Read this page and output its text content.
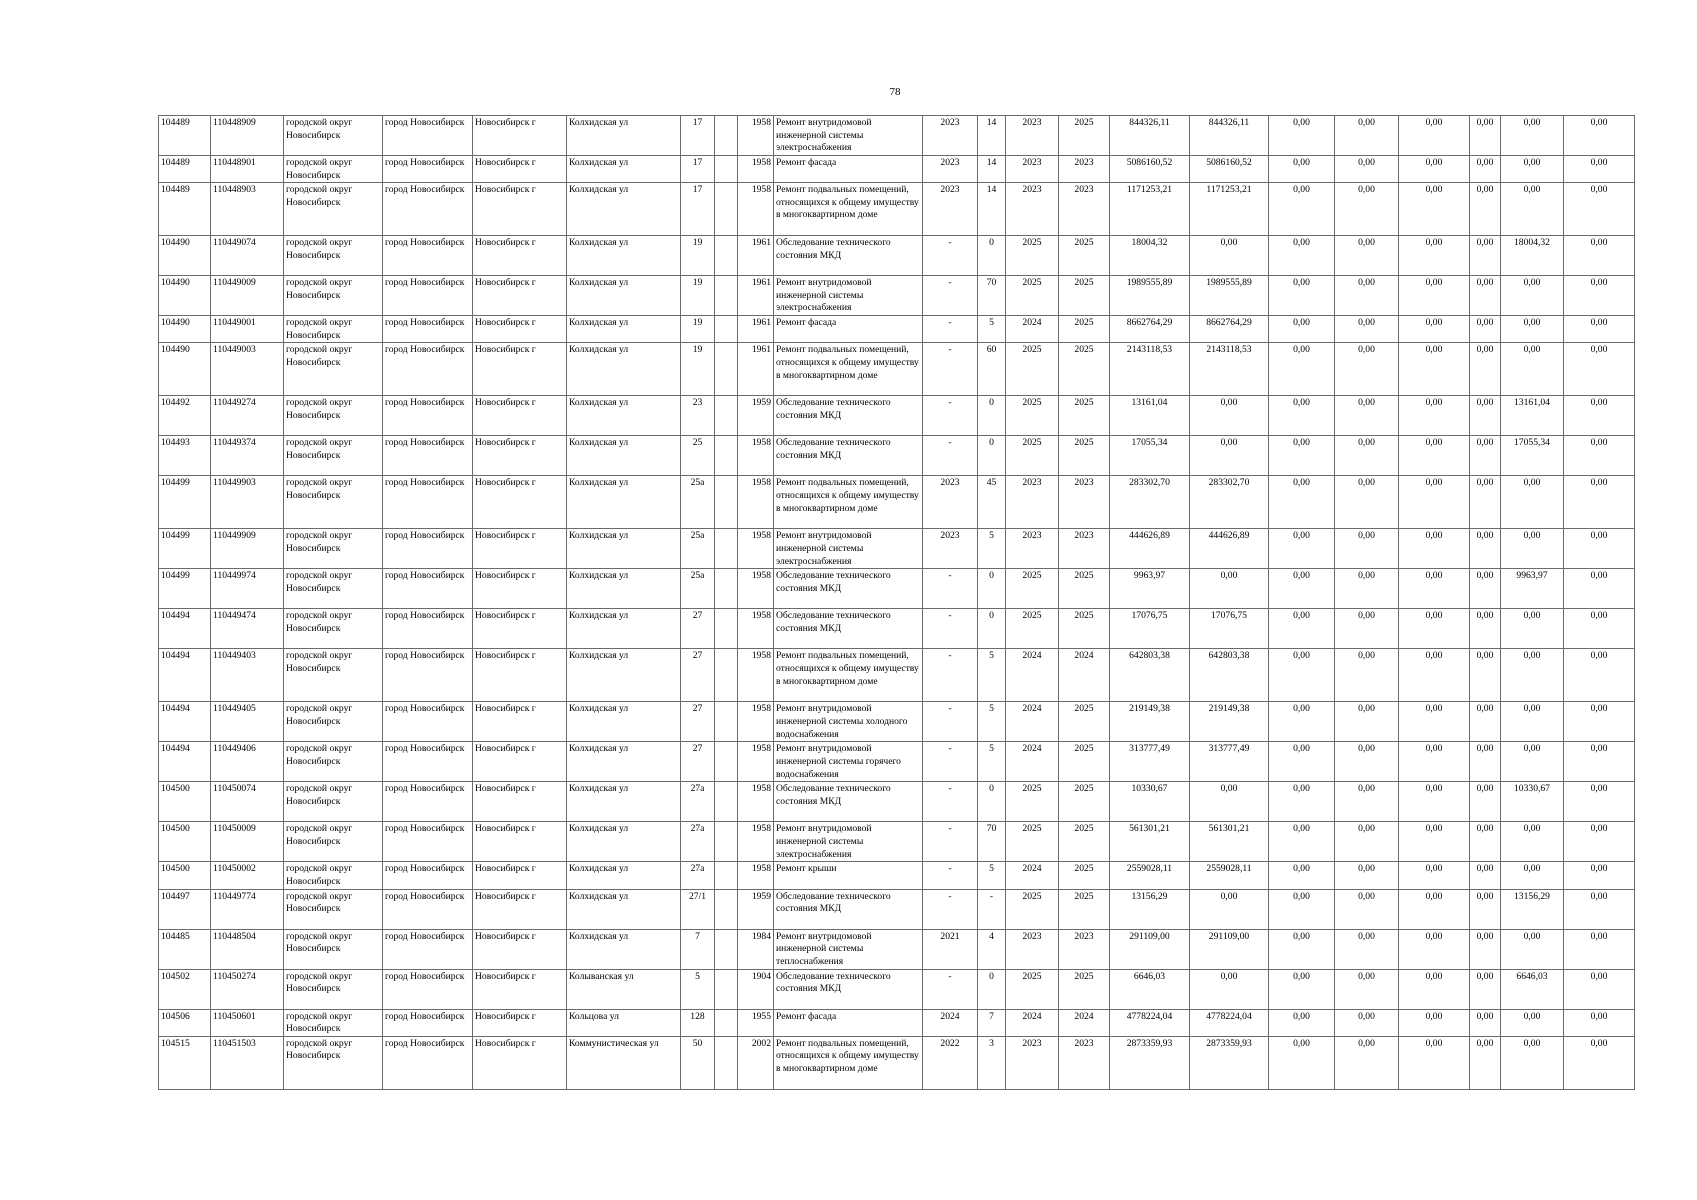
78
104489	110448909	городской округ Новосибирск	город Новосибирск	Новосибирск г	Колхидская ул	17		1958	Ремонт внутридомовой инженерной системы электроснабжения	2023	14	2023	2025	844326,11	844326,11	0,00	0,00	0,00	0,00	0,00	0,00
104489	110448901	городской округ Новосибирск	город Новосибирск	Новосибирск г	Колхидская ул	17		1958	Ремонт фасада	2023	14	2023	2023	5086160,52	5086160,52	0,00	0,00	0,00	0,00	0,00	0,00
104489	110448903	городской округ Новосибирск	город Новосибирск	Новосибирск г	Колхидская ул	17		1958	Ремонт подвальных помещений, относящихся к общему имуществу в многоквартирном доме	2023	14	2023	2023	1171253,21	1171253,21	0,00	0,00	0,00	0,00	0,00	0,00
104490	110449074	городской округ Новосибирск	город Новосибирск	Новосибирск г	Колхидская ул	19		1961	Обследование технического состояния МКД	-	0	2025	2025	18004,32	0,00	0,00	0,00	0,00	0,00	18004,32	0,00
104490	110449009	городской округ Новосибирск	город Новосибирск	Новосибирск г	Колхидская ул	19		1961	Ремонт внутридомовой инженерной системы электроснабжения	-	70	2025	2025	1989555,89	1989555,89	0,00	0,00	0,00	0,00	0,00	0,00
104490	110449001	городской округ Новосибирск	город Новосибирск	Новосибирск г	Колхидская ул	19		1961	Ремонт фасада	-	5	2024	2025	8662764,29	8662764,29	0,00	0,00	0,00	0,00	0,00	0,00
104490	110449003	городской округ Новосибирск	город Новосибирск	Новосибирск г	Колхидская ул	19		1961	Ремонт подвальных помещений, относящихся к общему имуществу в многоквартирном доме	-	60	2025	2025	2143118,53	2143118,53	0,00	0,00	0,00	0,00	0,00	0,00
104492	110449274	городской округ Новосибирск	город Новосибирск	Новосибирск г	Колхидская ул	23		1959	Обследование технического состояния МКД	-	0	2025	2025	13161,04	0,00	0,00	0,00	0,00	0,00	13161,04	0,00
104493	110449374	городской округ Новосибирск	город Новосибирск	Новосибирск г	Колхидская ул	25		1958	Обследование технического состояния МКД	-	0	2025	2025	17055,34	0,00	0,00	0,00	0,00	0,00	17055,34	0,00
104499	110449903	городской округ Новосибирск	город Новосибирск	Новосибирск г	Колхидская ул	25а		1958	Ремонт подвальных помещений, относящихся к общему имуществу в многоквартирном доме	2023	45	2023	2023	283302,70	283302,70	0,00	0,00	0,00	0,00	0,00	0,00
104499	110449909	городской округ Новосибирск	город Новосибирск	Новосибирск г	Колхидская ул	25а		1958	Ремонт внутридомовой инженерной системы электроснабжения	2023	5	2023	2023	444626,89	444626,89	0,00	0,00	0,00	0,00	0,00	0,00
104499	110449974	городской округ Новосибирск	город Новосибирск	Новосибирск г	Колхидская ул	25а		1958	Обследование технического состояния МКД	-	0	2025	2025	9963,97	0,00	0,00	0,00	0,00	0,00	9963,97	0,00
104494	110449474	городской округ Новосибирск	город Новосибирск	Новосибирск г	Колхидская ул	27		1958	Обследование технического состояния МКД	-	0	2025	2025	17076,75	17076,75	0,00	0,00	0,00	0,00	0,00	0,00
104494	110449403	городской округ Новосибирск	город Новосибирск	Новосибирск г	Колхидская ул	27		1958	Ремонт подвальных помещений, относящихся к общему имуществу в многоквартирном доме	-	5	2024	2024	642803,38	642803,38	0,00	0,00	0,00	0,00	0,00	0,00
104494	110449405	городской округ Новосибирск	город Новосибирск	Новосибирск г	Колхидская ул	27		1958	Ремонт внутридомовой инженерной системы холодного водоснабжения	-	5	2024	2025	219149,38	219149,38	0,00	0,00	0,00	0,00	0,00	0,00
104494	110449406	городской округ Новосибирск	город Новосибирск	Новосибирск г	Колхидская ул	27		1958	Ремонт внутридомовой инженерной системы горячего водоснабжения	-	5	2024	2025	313777,49	313777,49	0,00	0,00	0,00	0,00	0,00	0,00
104500	110450074	городской округ Новосибирск	город Новосибирск	Новосибирск г	Колхидская ул	27а		1958	Обследование технического состояния МКД	-	0	2025	2025	10330,67	0,00	0,00	0,00	0,00	0,00	10330,67	0,00
104500	110450009	городской округ Новосибирск	город Новосибирск	Новосибирск г	Колхидская ул	27а		1958	Ремонт внутридомовой инженерной системы электроснабжения	-	70	2025	2025	561301,21	561301,21	0,00	0,00	0,00	0,00	0,00	0,00
104500	110450002	городской округ Новосибирск	город Новосибирск	Новосибирск г	Колхидская ул	27а		1958	Ремонт крыши	-	5	2024	2025	2559028,11	2559028,11	0,00	0,00	0,00	0,00	0,00	0,00
104497	110449774	городской округ Новосибирск	город Новосибирск	Новосибирск г	Колхидская ул	27/1		1959	Обследование технического состояния МКД	-	-	2025	2025	13156,29	0,00	0,00	0,00	0,00	0,00	13156,29	0,00
104485	110448504	городской округ Новосибирск	город Новосибирск	Новосибирск г	Колхидская ул	7		1984	Ремонт внутридомовой инженерной системы теплоснабжения	2021	4	2023	2023	291109,00	291109,00	0,00	0,00	0,00	0,00	0,00	0,00
104502	110450274	городской округ Новосибирск	город Новосибирск	Новосибирск г	Колыванская ул	5		1904	Обследование технического состояния МКД	-	0	2025	2025	6646,03	0,00	0,00	0,00	0,00	0,00	6646,03	0,00
104506	110450601	городской округ Новосибирск	город Новосибирск	Новосибирск г	Кольцова ул	128		1955	Ремонт фасада	2024	7	2024	2024	4778224,04	4778224,04	0,00	0,00	0,00	0,00	0,00	0,00
104515	110451503	городской округ Новосибирск	город Новосибирск	Новосибирск г	Коммунистическая ул	50		2002	Ремонт подвальных помещений, относящихся к общему имуществу в многоквартирном доме	2022	3	2023	2023	2873359,93	2873359,93	0,00	0,00	0,00	0,00	0,00	0,00
